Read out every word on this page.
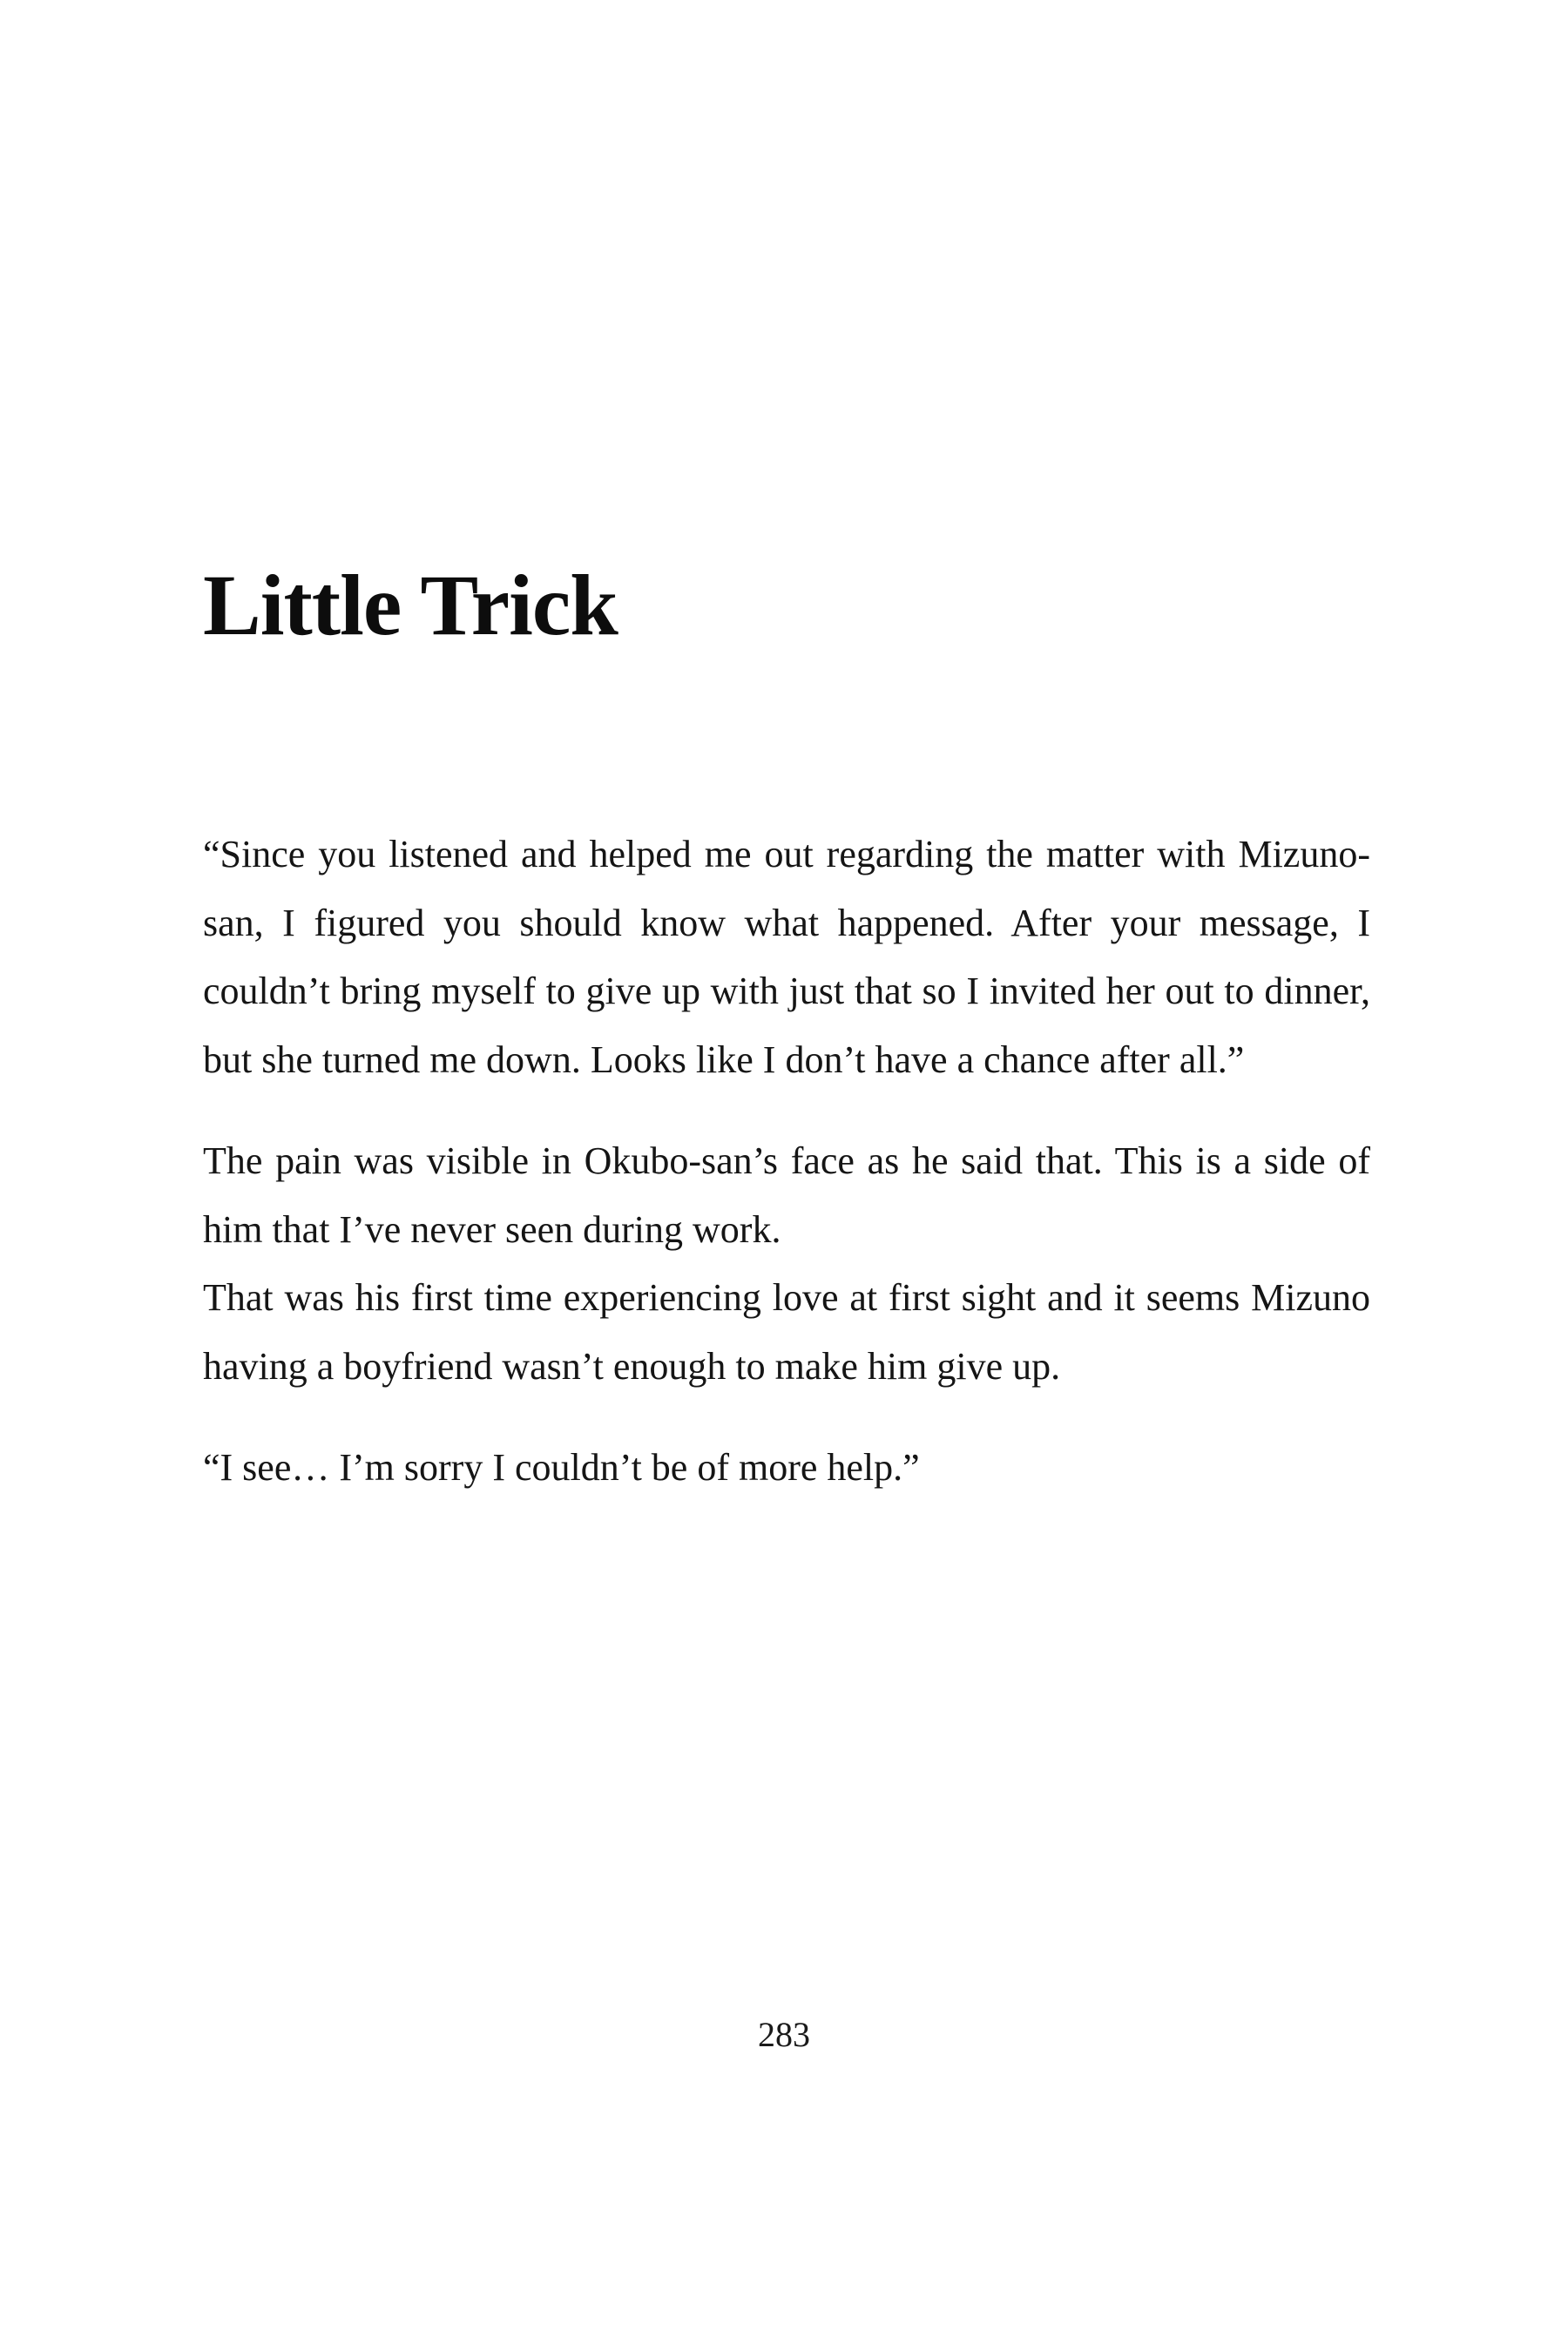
Little Trick

“Since you listened and helped me out regarding the matter with Mizuno-san, I figured you should know what happened. After your message, I couldn’t bring myself to give up with just that so I invited her out to dinner, but she turned me down. Looks like I don’t have a chance after all.”

The pain was visible in Okubo-san’s face as he said that. This is a side of him that I’ve never seen during work.

That was his first time experiencing love at first sight and it seems Mizuno having a boyfriend wasn’t enough to make him give up.

“I see… I’m sorry I couldn’t be of more help.”

283
